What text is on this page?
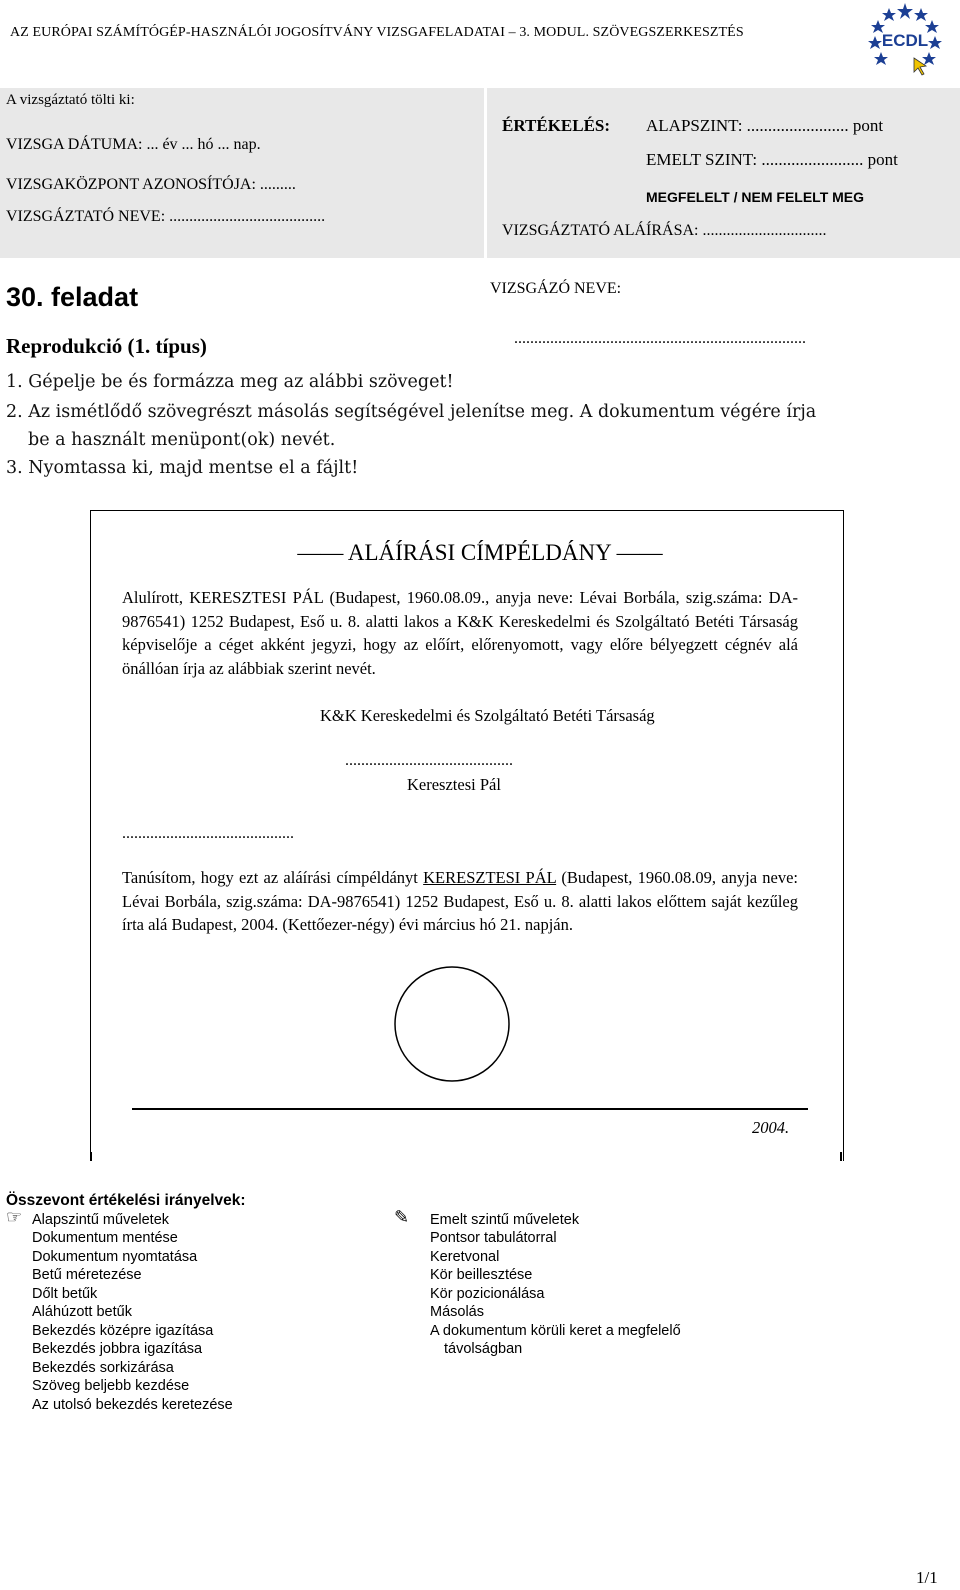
AZ EURÓPAI SZÁMÍTÓGÉP-HASZNÁLÓI JOGOSÍTVÁNY VIZSGAFELADATAI – 3. MODUL. SZÖVEGSZERKESZTÉS	ECDL
A vizsgáztató tölti ki:
VIZSGA DÁTUMA: ... év ... hó ... nap.
VIZSGAKÖZPONT AZONOSÍTÓJA: .........
VIZSGÁZTATÓ NEVE: .......................................
ÉRTÉKELÉS: ALAPSZINT: ........................ pont
EMELT SZINT: ........................ pont
MEGFELELT / NEM FELELT MEG
VIZSGÁZTATÓ ALÁÍRÁSA: ...............................
30. feladat
Reprodukció (1. típus)
VIZSGÁZÓ NEVE:
.........................................................................
1. Gépelje be és formázza meg az alábbi szöveget!
2. Az ismétlődő szövegrészt másolás segítségével jelenítse meg. A dokumentum végére írja
be a használt menüpont(ok) nevét.
3. Nyomtassa ki, majd mentse el a fájlt!
—— ALÁÍRÁSI CÍMPÉLDÁNY ——
Alulírott, KERESZTESI PÁL (Budapest, 1960.08.09., anyja neve: Lévai Borbála, szig.száma: DA-9876541) 1252 Budapest, Eső u. 8. alatti lakos a K&K Kereskedelmi és Szolgáltató Betéti Társaság képviselője a céget akként jegyzi, hogy az előírt, előrenyomott, vagy előre bélyegzett cégnév alá önállóan írja az alábbiak szerint nevét.
K&K Kereskedelmi és Szolgáltató Betéti Társaság
..........................................
Keresztesi Pál
...........................................
Tanúsítom, hogy ezt az aláírási címpéldányt KERESZTESI PÁL (Budapest, 1960.08.09, anyja neve: Lévai Borbála, szig.száma: DA-9876541) 1252 Budapest, Eső u. 8. alatti lakos előttem saját kezűleg írta alá Budapest, 2004. (Kettőezer-négy) évi március hó 21. napján.
2004.
Összevont értékelési irányelvek:
☞	✎
Alapszintű műveletek
Dokumentum mentése
Dokumentum nyomtatása
Betű méretezése
Dőlt betűk
Aláhúzott betűk
Bekezdés középre igazítása
Bekezdés jobbra igazítása
Bekezdés sorkizárása
Szöveg beljebb kezdése
Az utolsó bekezdés keretezése
Emelt szintű műveletek
Pontsor tabulátorral
Keretvonal
Kör beillesztése
Kör pozicionálása
Másolás
A dokumentum körüli keret a megfelelő
távolságban
1/1
